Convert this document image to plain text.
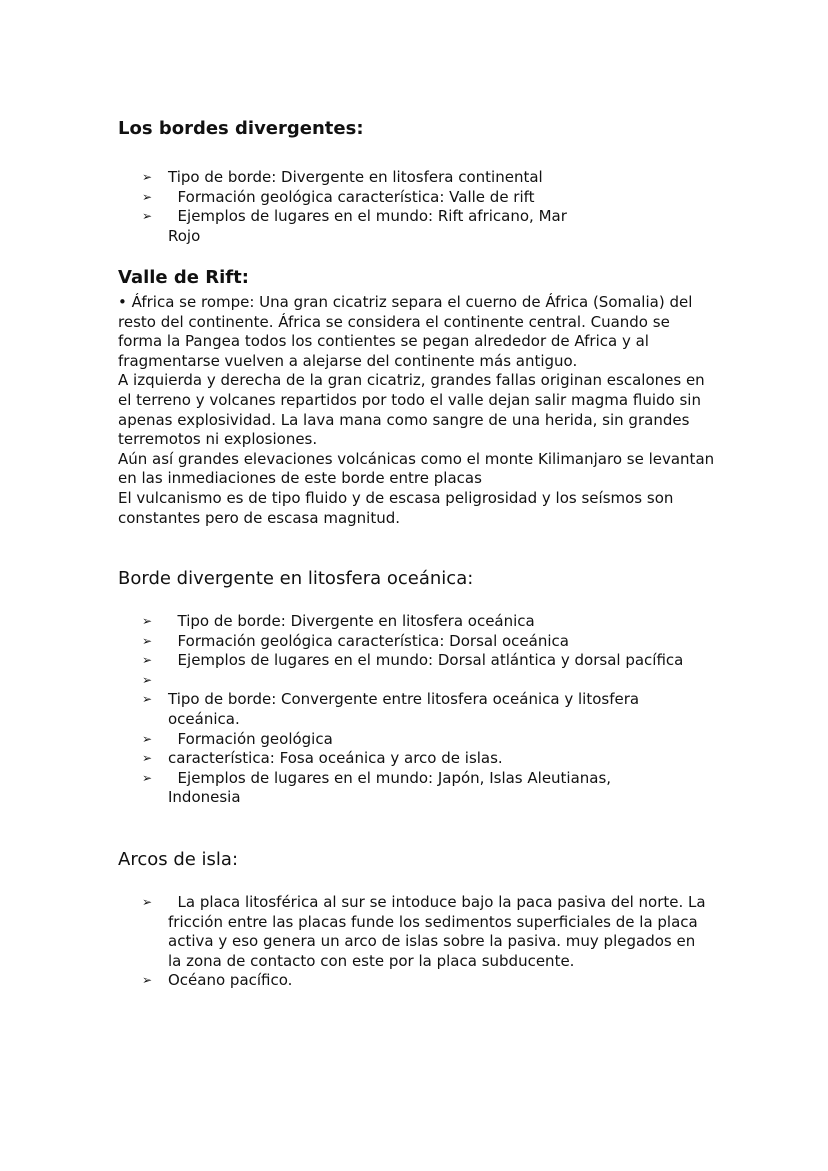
Los bordes divergentes:
➢ Tipo de borde: Divergente en litosfera continental
➢ Formación geológica característica: Valle de rift
➢ Ejemplos de lugares en el mundo: Rift africano, Mar Rojo
Valle de Rift:

• África se rompe: Una gran cicatriz separa el cuerno de África (Somalia) del resto del continente. África se considera el continente central. Cuando se forma la Pangea todos los contientes se pegan alrededor de Africa y al fragmentarse vuelven a alejarse del continente más antiguo.

A izquierda y derecha de la gran cicatriz, grandes fallas originan escalones en el terreno y volcanes repartidos por todo el valle dejan salir magma fluido sin apenas explosividad. La lava mana como sangre de una herida, sin grandes terremotos ni explosiones.

Aún así grandes elevaciones volcánicas como el monte Kilimanjaro se levantan en las inmediaciones de este borde entre placas

El vulcanismo es de tipo fluido y de escasa peligrosidad y los seísmos son constantes pero de escasa magnitud.

Borde divergente en litosfera oceánica:
➢ Tipo de borde: Divergente en litosfera oceánica
➢ Formación geológica característica: Dorsal oceánica
➢ Ejemplos de lugares en el mundo: Dorsal atlántica y dorsal pacífica
➢
➢ Tipo de borde: Convergente entre litosfera oceánica y litosfera oceánica.
➢ Formación geológica
➢ característica: Fosa oceánica y arco de islas.
➢ Ejemplos de lugares en el mundo: Japón, Islas Aleutianas, Indonesia
Arcos de isla:
➢ La placa litosférica al sur se intoduce bajo la paca pasiva del norte. La fricción entre las placas funde los sedimentos superficiales de la placa activa y eso genera un arco de islas sobre la pasiva. muy plegados en la zona de contacto con este por la placa subducente.
➢ Océano pacífico.
